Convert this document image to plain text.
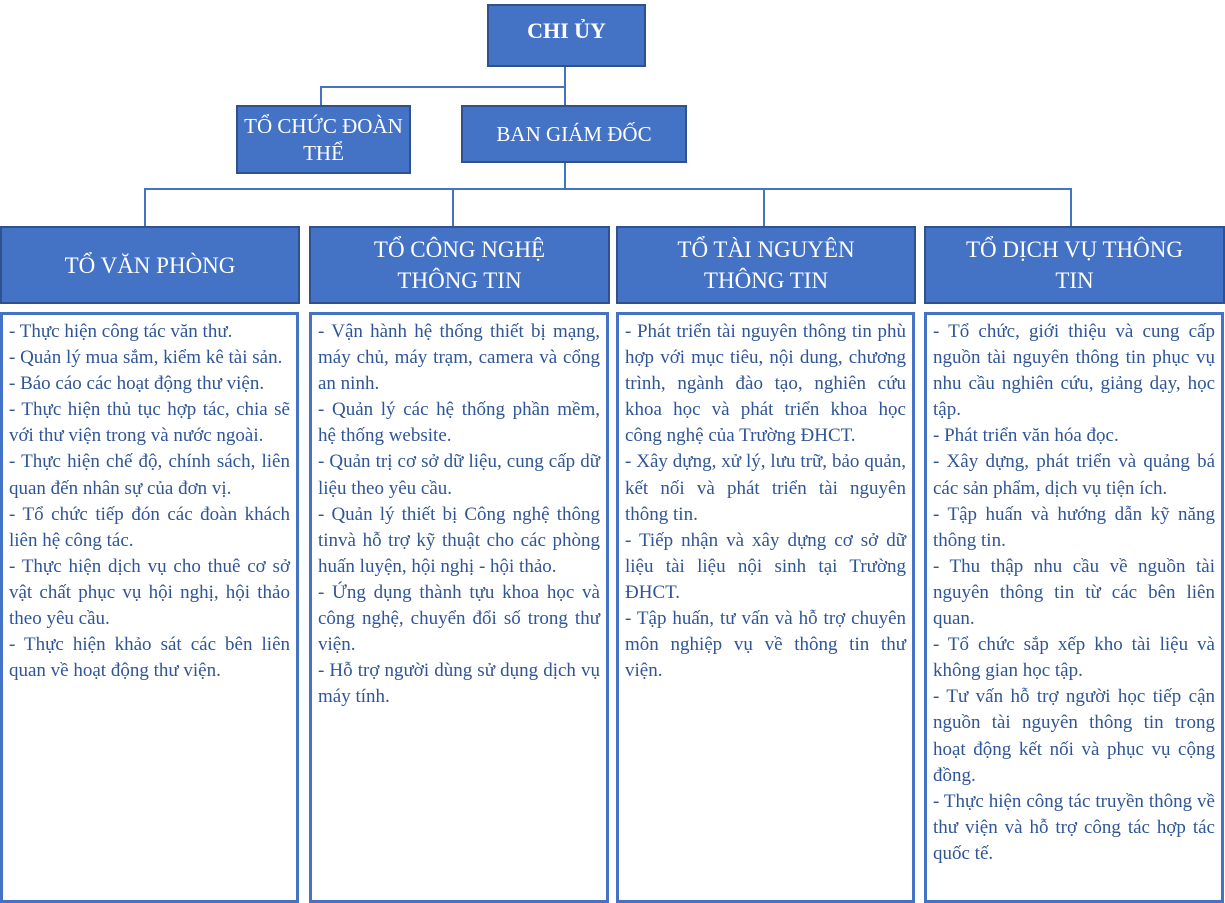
CHI ỦY
TỔ CHỨC ĐOÀN THỂ
BAN GIÁM ĐỐC
TỔ VĂN PHÒNG
TỔ CÔNG NGHỆ THÔNG TIN
TỔ TÀI NGUYÊN THÔNG TIN
TỔ DỊCH VỤ THÔNG TIN

- Thực hiện công tác văn thư.

- Quản lý mua sắm, kiểm kê tài sản.

- Báo cáo các hoạt động thư viện.

- Thực hiện thủ tục hợp tác, chia sẽ với thư viện trong và nước ngoài.

- Thực hiện chế độ, chính sách, liên quan đến nhân sự của đơn vị.

- Tổ chức tiếp đón các đoàn khách liên hệ công tác.

- Thực hiện dịch vụ cho thuê cơ sở vật chất phục vụ hội nghị, hội thảo theo yêu cầu.

- Thực hiện khảo sát các bên liên quan về hoạt động thư viện.

- Vận hành hệ thống thiết bị mạng, máy chủ, máy trạm, camera và cổng an ninh.

- Quản lý các hệ thống phần mềm, hệ thống website.

- Quản trị cơ sở dữ liệu, cung cấp dữ liệu theo yêu cầu.

- Quản lý thiết bị Công nghệ thông tinvà hỗ trợ kỹ thuật cho các phòng huấn luyện, hội nghị - hội thảo.

- Ứng dụng thành tựu khoa học và công nghệ, chuyển đổi số trong thư viện.

- Hỗ trợ người dùng sử dụng dịch vụ máy tính.

- Phát triển tài nguyên thông tin phù hợp với mục tiêu, nội dung, chương trình, ngành đào tạo, nghiên cứu khoa học và phát triển khoa học công nghệ của Trường ĐHCT.

- Xây dựng, xử lý, lưu trữ, bảo quản, kết nối và phát triển tài nguyên thông tin.

- Tiếp nhận và xây dựng cơ sở dữ liệu tài liệu nội sinh tại Trường ĐHCT.

- Tập huấn, tư vấn và hỗ trợ chuyên môn nghiệp vụ về thông tin thư viện.

- Tổ chức, giới thiệu và cung cấp nguồn tài nguyên thông tin phục vụ nhu cầu nghiên cứu, giảng dạy, học tập.

- Phát triển văn hóa đọc.

- Xây dựng, phát triển và quảng bá các sản phẩm, dịch vụ tiện ích.

- Tập huấn và hướng dẫn kỹ năng thông tin.

- Thu thập nhu cầu về nguồn tài nguyên thông tin từ các bên liên quan.

- Tổ chức sắp xếp kho tài liệu và không gian học tập.

- Tư vấn hỗ trợ người học tiếp cận nguồn tài nguyên thông tin trong hoạt động kết nối và phục vụ cộng đồng.

- Thực hiện công tác truyền thông về thư viện và hỗ trợ công tác hợp tác quốc tế.
